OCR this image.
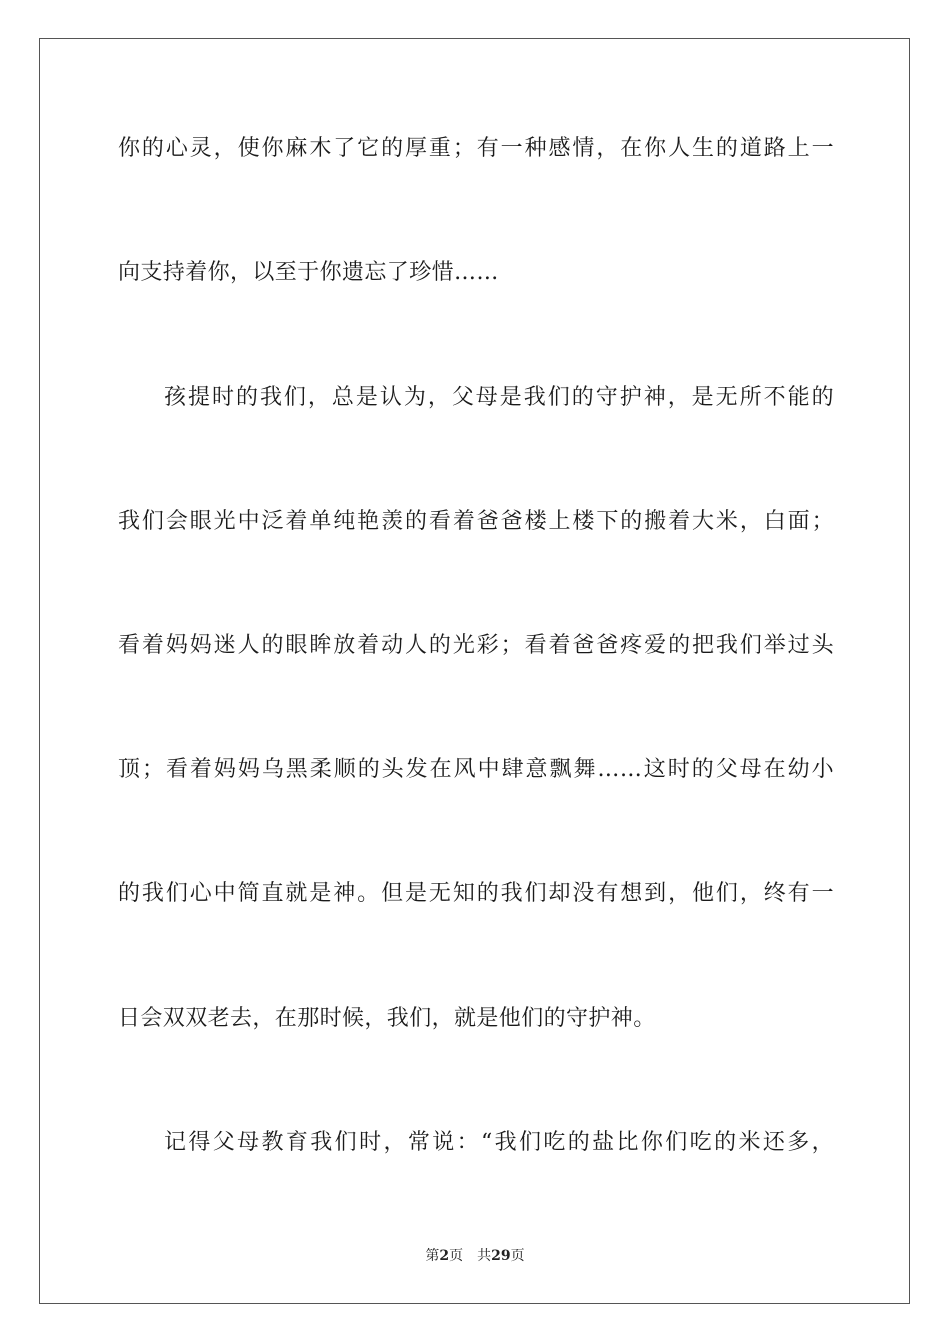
你的心灵，使你麻木了它的厚重；有一种感情，在你人生的道路上一
向支持着你，以至于你遗忘了珍惜……
孩提时的我们，总是认为，父母是我们的守护神，是无所不能的
我们会眼光中泛着单纯艳羡的看着爸爸楼上楼下的搬着大米，白面；
看着妈妈迷人的眼眸放着动人的光彩；看着爸爸疼爱的把我们举过头
顶；看着妈妈乌黑柔顺的头发在风中肆意飘舞……这时的父母在幼小
的我们心中简直就是神。但是无知的我们却没有想到，他们，终有一
日会双双老去，在那时候，我们，就是他们的守护神。
记得父母教育我们时，常说：“我们吃的盐比你们吃的米还多，
第2页 共29页
